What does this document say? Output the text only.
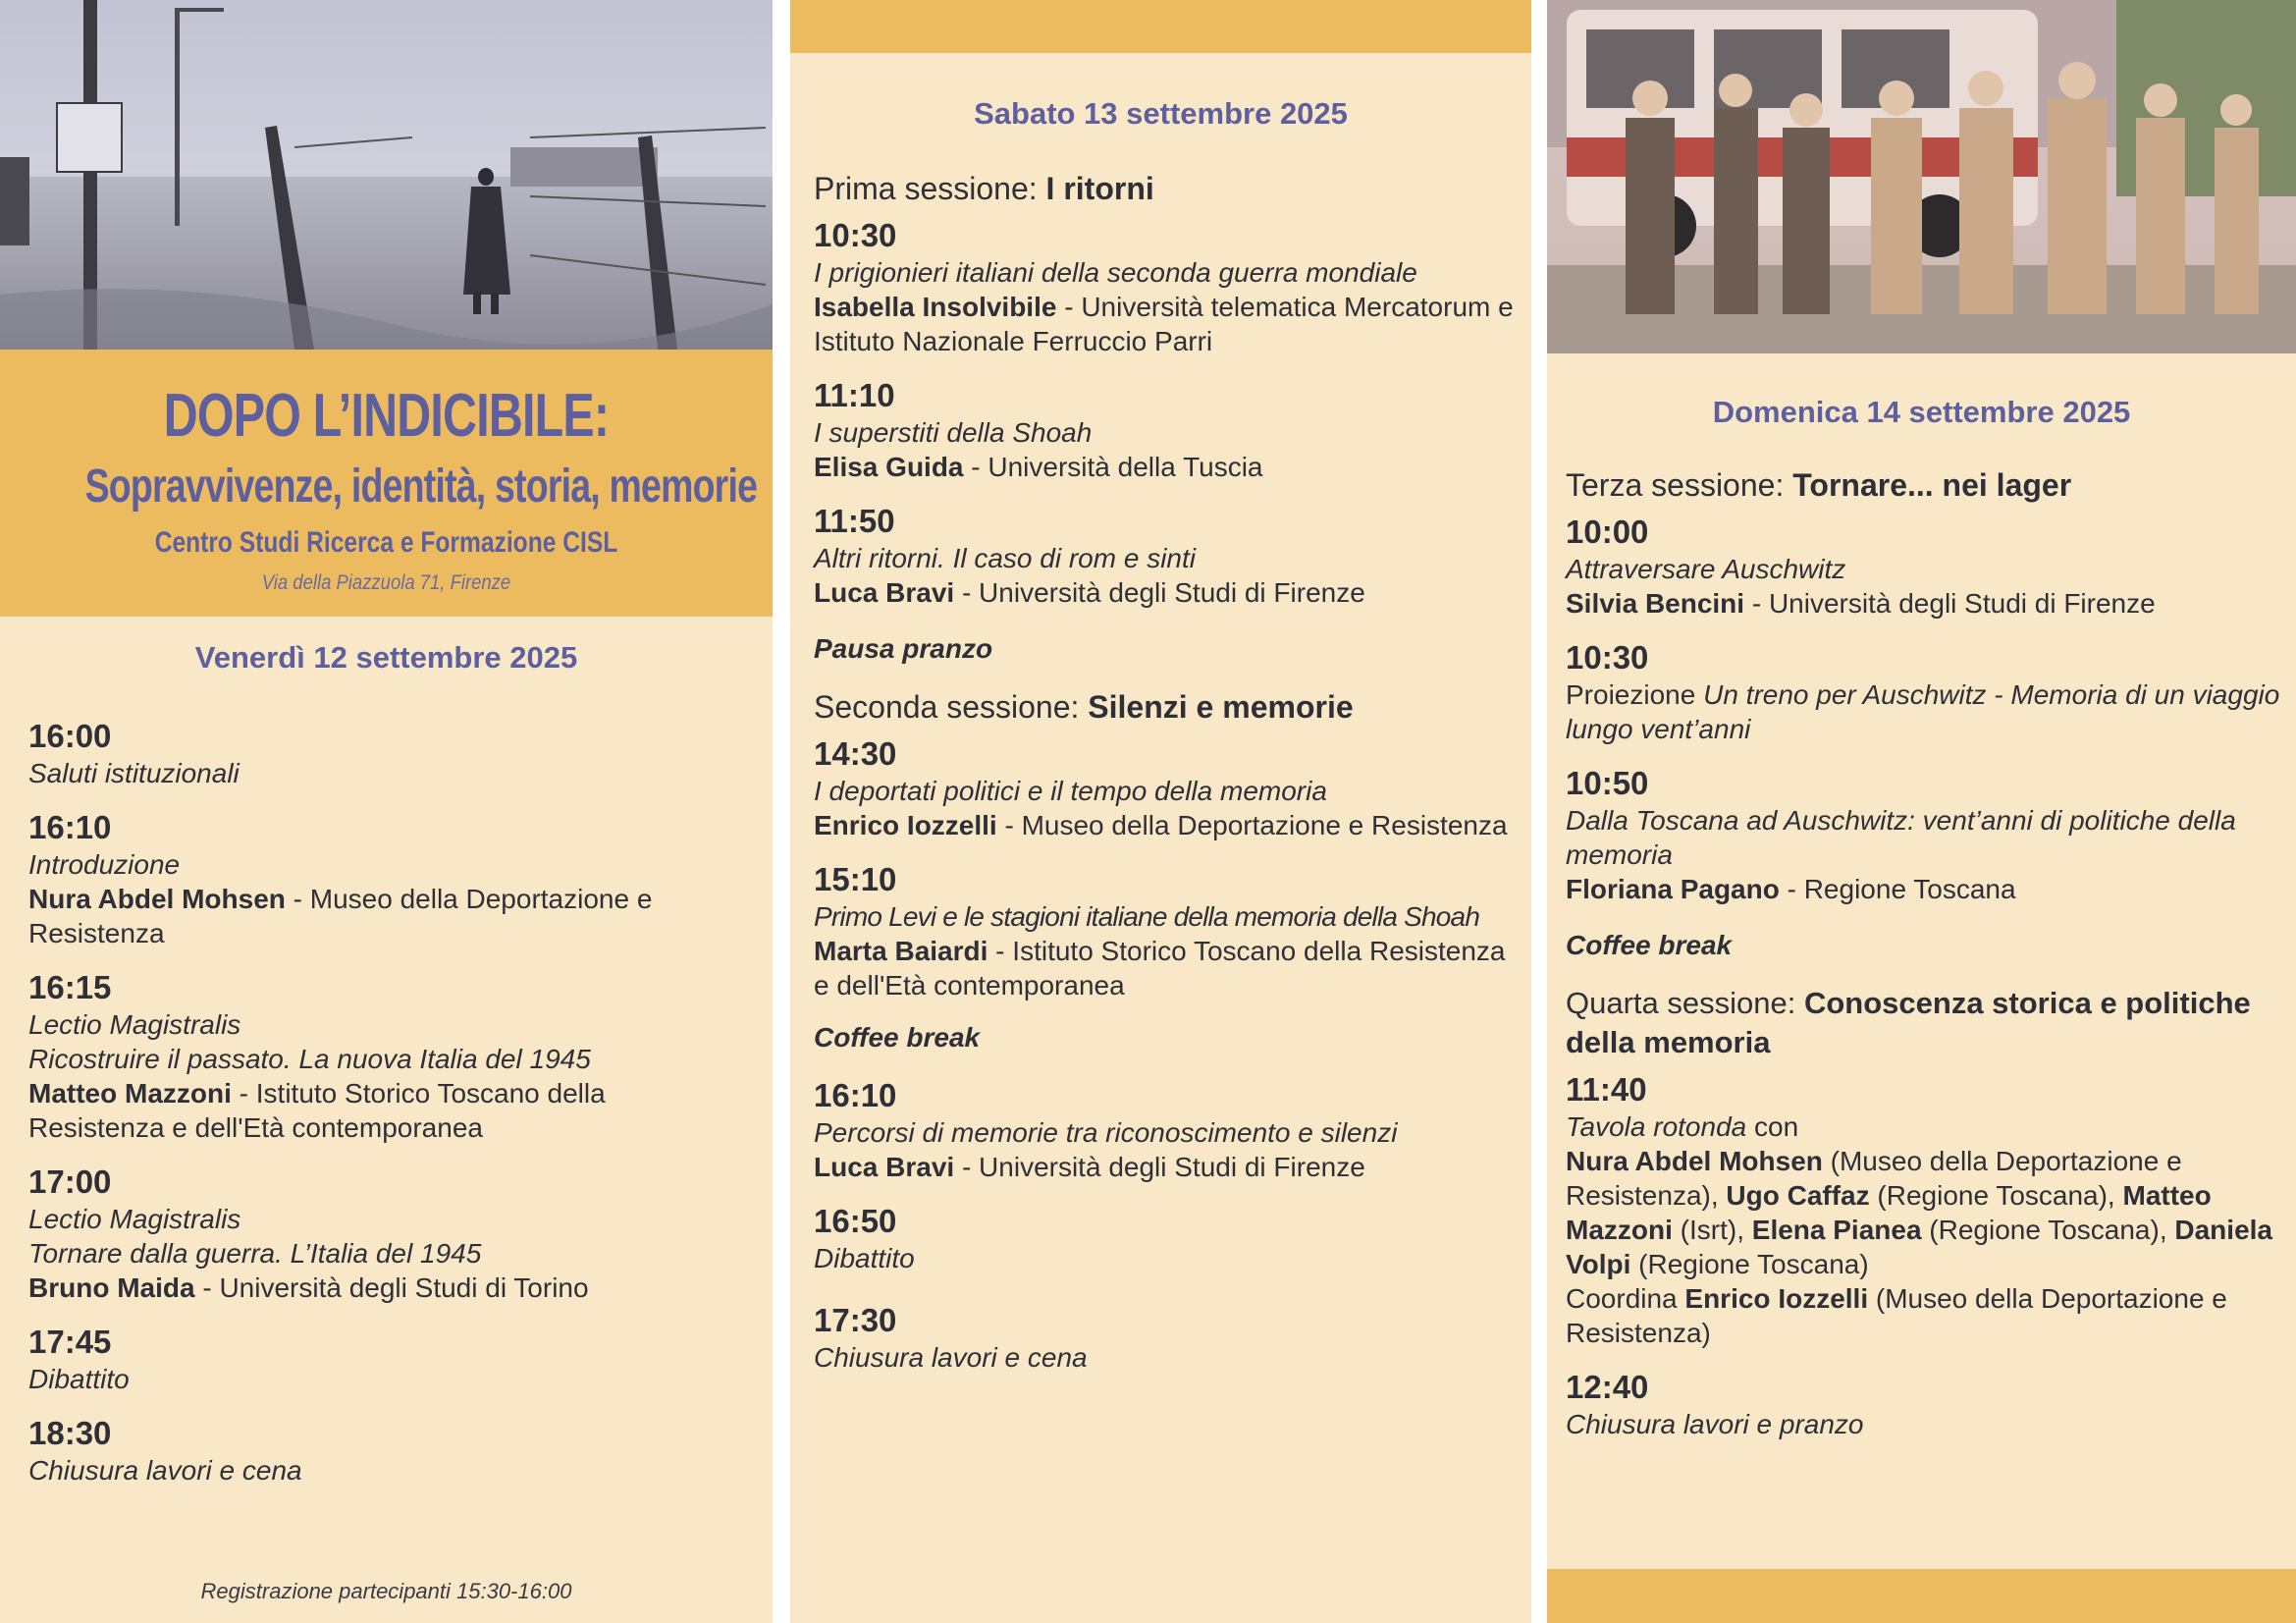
DOPO L’INDICIBILE:
Sopravvivenze, identità, storia, memorie
Centro Studi Ricerca e Formazione CISL
Via della Piazzuola 71, Firenze
Venerdì 12 settembre 2025
16:00
Saluti istituzionali
16:10
Introduzione
Nura Abdel Mohsen - Museo della Deportazione e Resistenza
16:15
Lectio Magistralis
Ricostruire il passato. La nuova Italia del 1945
Matteo Mazzoni - Istituto Storico Toscano della Resistenza e dell'Età contemporanea
17:00
Lectio Magistralis
Tornare dalla guerra. L’Italia del 1945
Bruno Maida - Università degli Studi di Torino
17:45
Dibattito
18:30
Chiusura lavori e cena
Registrazione partecipanti 15:30-16:00
Sabato 13 settembre 2025
Prima sessione: I ritorni
10:30
I prigionieri italiani della seconda guerra mondiale
Isabella Insolvibile - Università telematica Mercatorum e Istituto Nazionale Ferruccio Parri
11:10
I superstiti della Shoah
Elisa Guida - Università della Tuscia
11:50
Altri ritorni. Il caso di rom e sinti
Luca Bravi - Università degli Studi di Firenze
Pausa pranzo
Seconda sessione: Silenzi e memorie
14:30
I deportati politici e il tempo della memoria
Enrico Iozzelli - Museo della Deportazione e Resistenza
15:10
Primo Levi e le stagioni italiane della memoria della Shoah
Marta Baiardi - Istituto Storico Toscano della Resistenza e dell'Età contemporanea
Coffee break
16:10
Percorsi di memorie tra riconoscimento e silenzi
Luca Bravi - Università degli Studi di Firenze
16:50
Dibattito
17:30
Chiusura lavori e cena
Domenica 14 settembre 2025
Terza sessione: Tornare... nei lager
10:00
Attraversare Auschwitz
Silvia Bencini - Università degli Studi di Firenze
10:30
Proiezione Un treno per Auschwitz - Memoria di un viaggio lungo vent’anni
10:50
Dalla Toscana ad Auschwitz: vent’anni di politiche della memoria
Floriana Pagano - Regione Toscana
Coffee break
Quarta sessione: Conoscenza storica e politiche della memoria
11:40
Tavola rotonda con
Nura Abdel Mohsen (Museo della Deportazione e Resistenza), Ugo Caffaz (Regione Toscana), Matteo Mazzoni (Isrt), Elena Pianea (Regione Toscana), Daniela Volpi (Regione Toscana)
Coordina Enrico Iozzelli (Museo della Deportazione e Resistenza)
12:40
Chiusura lavori e pranzo
